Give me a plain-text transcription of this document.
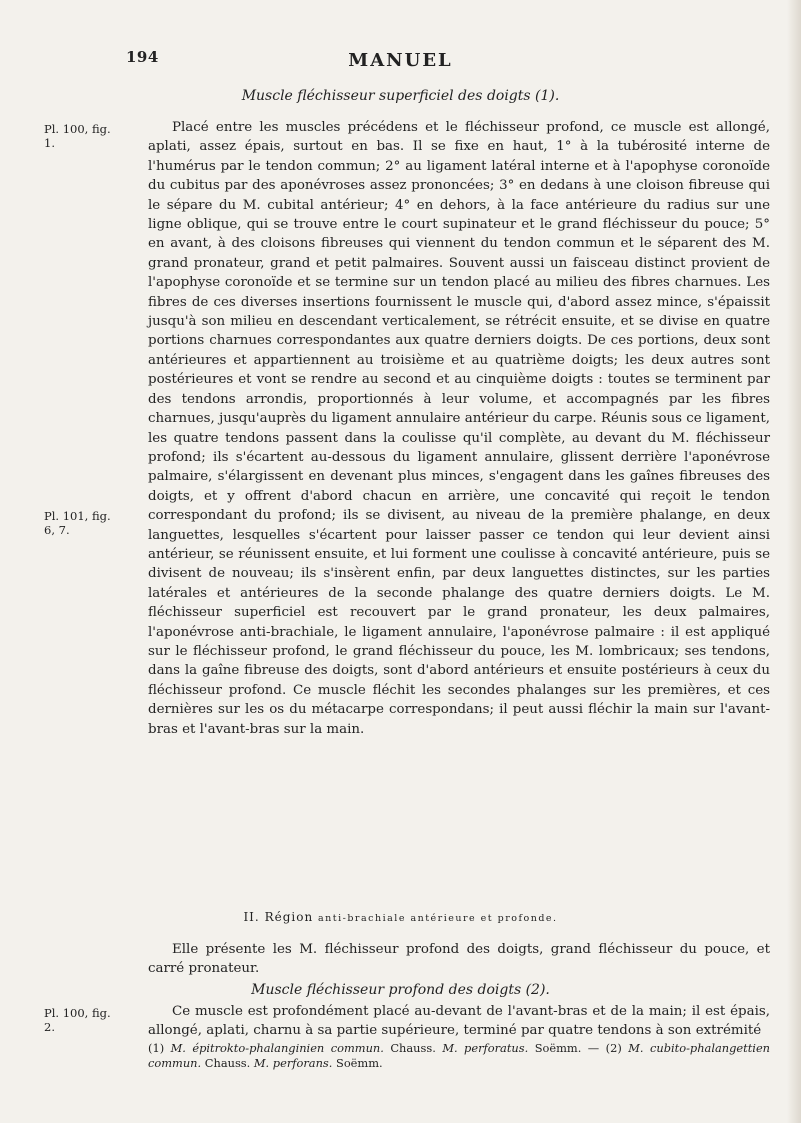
194	MANUEL
Muscle fléchisseur superficiel des doigts (1).
Pl. 100, fig. 1.
Pl. 101, fig. 6, 7.

Placé entre les muscles précédens et le fléchisseur profond, ce muscle est allongé, aplati, assez épais, surtout en bas. Il se fixe en haut, 1° à la tubérosité interne de l'humérus par le tendon commun; 2° au ligament latéral interne et à l'apophyse coronoïde du cubitus par des aponévroses assez prononcées; 3° en dedans à une cloison fibreuse qui le sépare du M. cubital antérieur; 4° en dehors, à la face antérieure du radius sur une ligne oblique, qui se trouve entre le court supinateur et le grand fléchisseur du pouce; 5° en avant, à des cloisons fibreuses qui viennent du tendon commun et le séparent des M. grand pronateur, grand et petit palmaires. Souvent aussi un faisceau distinct provient de l'apophyse coronoïde et se termine sur un tendon placé au milieu des fibres charnues. Les fibres de ces diverses insertions fournissent le muscle qui, d'abord assez mince, s'épaissit jusqu'à son milieu en descendant verticalement, se rétrécit ensuite, et se divise en quatre portions charnues correspondantes aux quatre derniers doigts. De ces portions, deux sont antérieures et appartiennent au troisième et au quatrième doigts; les deux autres sont postérieures et vont se rendre au second et au cinquième doigts : toutes se terminent par des tendons arrondis, proportionnés à leur volume, et accompagnés par les fibres charnues, jusqu'auprès du ligament annulaire antérieur du carpe. Réunis sous ce ligament, les quatre tendons passent dans la coulisse qu'il complète, au devant du M. fléchisseur profond; ils s'écartent au-dessous du ligament annulaire, glissent derrière l'aponévrose palmaire, s'élargissent en devenant plus minces, s'engagent dans les gaînes fibreuses des doigts, et y offrent d'abord chacun en arrière, une concavité qui reçoit le tendon correspondant du profond; ils se divisent, au niveau de la première phalange, en deux languettes, lesquelles s'écartent pour laisser passer ce tendon qui leur devient ainsi antérieur, se réunissent ensuite, et lui forment une coulisse à concavité antérieure, puis se divisent de nouveau; ils s'insèrent enfin, par deux languettes distinctes, sur les parties latérales et antérieures de la seconde phalange des quatre derniers doigts. Le M. fléchisseur superficiel est recouvert par le grand pronateur, les deux palmaires, l'aponévrose anti-brachiale, le ligament annulaire, l'aponévrose palmaire : il est appliqué sur le fléchisseur profond, le grand fléchisseur du pouce, les M. lombricaux; ses tendons, dans la gaîne fibreuse des doigts, sont d'abord antérieurs et ensuite postérieurs à ceux du fléchisseur profond. Ce muscle fléchit les secondes phalanges sur les premières, et ces dernières sur les os du métacarpe correspondans; il peut aussi fléchir la main sur l'avant-bras et l'avant-bras sur la main.

II. Région anti-brachiale antérieure et profonde.

Elle présente les M. fléchisseur profond des doigts, grand fléchisseur du pouce, et carré pronateur.

Muscle fléchisseur profond des doigts (2).
Pl. 100, fig. 2.

Ce muscle est profondément placé au-devant de l'avant-bras et de la main; il est épais, allongé, aplati, charnu à sa partie supérieure, terminé par quatre tendons à son extrémité

(1) M. épitrokto-phalanginien commun. Chauss. M. perforatus. Soëmm. — (2) M. cubito-phalangettien commun. Chauss. M. perforans. Soëmm.
